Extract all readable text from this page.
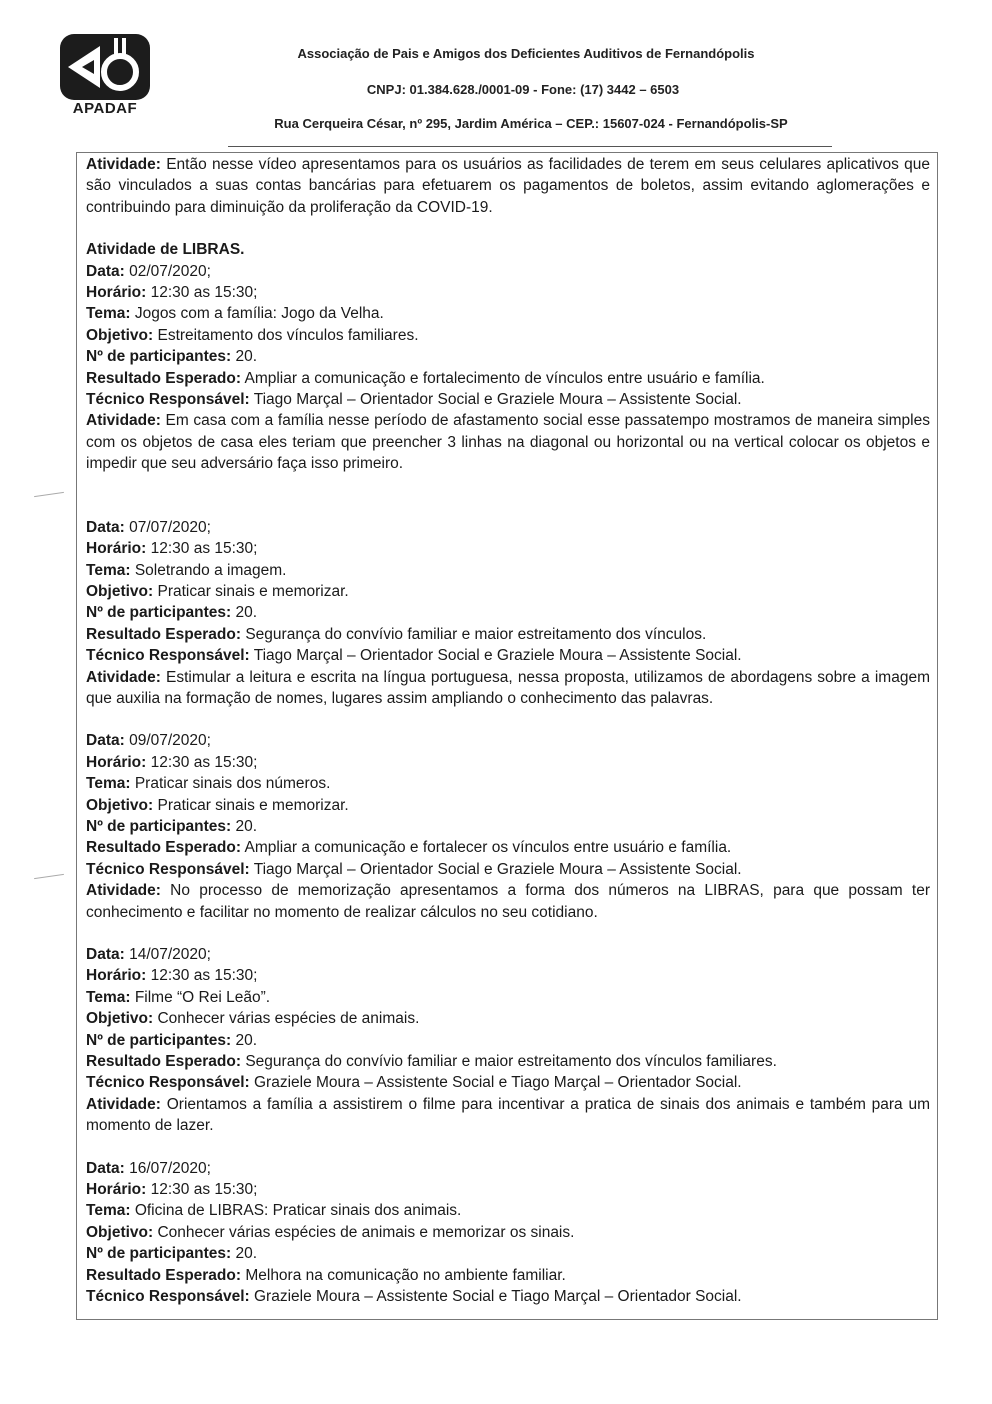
APADAF
Associação de Pais e Amigos dos Deficientes Auditivos de Fernandópolis
CNPJ: 01.384.628./0001-09 - Fone: (17) 3442 – 6503
Rua Cerqueira César, nº 295, Jardim América – CEP.: 15607-024 - Fernandópolis-SP

Atividade: Então nesse vídeo apresentamos para os usuários as facilidades de terem em seus celulares aplicativos que são vinculados a suas contas bancárias para efetuarem os pagamentos de boletos, assim evitando aglomerações e contribuindo para diminuição da proliferação da COVID-19.

Atividade de LIBRAS.

Data: 02/07/2020;

Horário: 12:30 as 15:30;

Tema: Jogos com a família: Jogo da Velha.

Objetivo: Estreitamento dos vínculos familiares.

Nº de participantes: 20.

Resultado Esperado: Ampliar a comunicação e fortalecimento de vínculos entre usuário e família.

Técnico Responsável: Tiago Marçal – Orientador Social e Graziele Moura – Assistente Social.

Atividade: Em casa com a família nesse período de afastamento social esse passatempo mostramos de maneira simples com os objetos de casa eles teriam que preencher 3 linhas na diagonal ou horizontal ou na vertical colocar os objetos e impedir que seu adversário faça isso primeiro.

Data: 07/07/2020;

Horário: 12:30 as 15:30;

Tema: Soletrando a imagem.

Objetivo: Praticar sinais e memorizar.

Nº de participantes: 20.

Resultado Esperado: Segurança do convívio familiar e maior estreitamento dos vínculos.

Técnico Responsável: Tiago Marçal – Orientador Social e Graziele Moura – Assistente Social.

Atividade: Estimular a leitura e escrita na língua portuguesa, nessa proposta, utilizamos de abordagens sobre a imagem que auxilia na formação de nomes, lugares assim ampliando o conhecimento das palavras.

Data: 09/07/2020;

Horário: 12:30 as 15:30;

Tema: Praticar sinais dos números.

Objetivo: Praticar sinais e memorizar.

Nº de participantes: 20.

Resultado Esperado: Ampliar a comunicação e fortalecer os vínculos entre usuário e família.

Técnico Responsável: Tiago Marçal – Orientador Social e Graziele Moura – Assistente Social.

Atividade: No processo de memorização apresentamos a forma dos números na LIBRAS, para que possam ter conhecimento e facilitar no momento de realizar cálculos no seu cotidiano.

Data: 14/07/2020;

Horário: 12:30 as 15:30;

Tema: Filme “O Rei Leão”.

Objetivo: Conhecer várias espécies de animais.

Nº de participantes: 20.

Resultado Esperado: Segurança do convívio familiar e maior estreitamento dos vínculos familiares.

Técnico Responsável: Graziele Moura – Assistente Social e Tiago Marçal – Orientador Social.

Atividade: Orientamos a família a assistirem o filme para incentivar a pratica de sinais dos animais e também para um momento de lazer.

Data: 16/07/2020;

Horário: 12:30 as 15:30;

Tema: Oficina de LIBRAS: Praticar sinais dos animais.

Objetivo: Conhecer várias espécies de animais e memorizar os sinais.

Nº de participantes: 20.

Resultado Esperado: Melhora na comunicação no ambiente familiar.

Técnico Responsável: Graziele Moura – Assistente Social e Tiago Marçal – Orientador Social.
